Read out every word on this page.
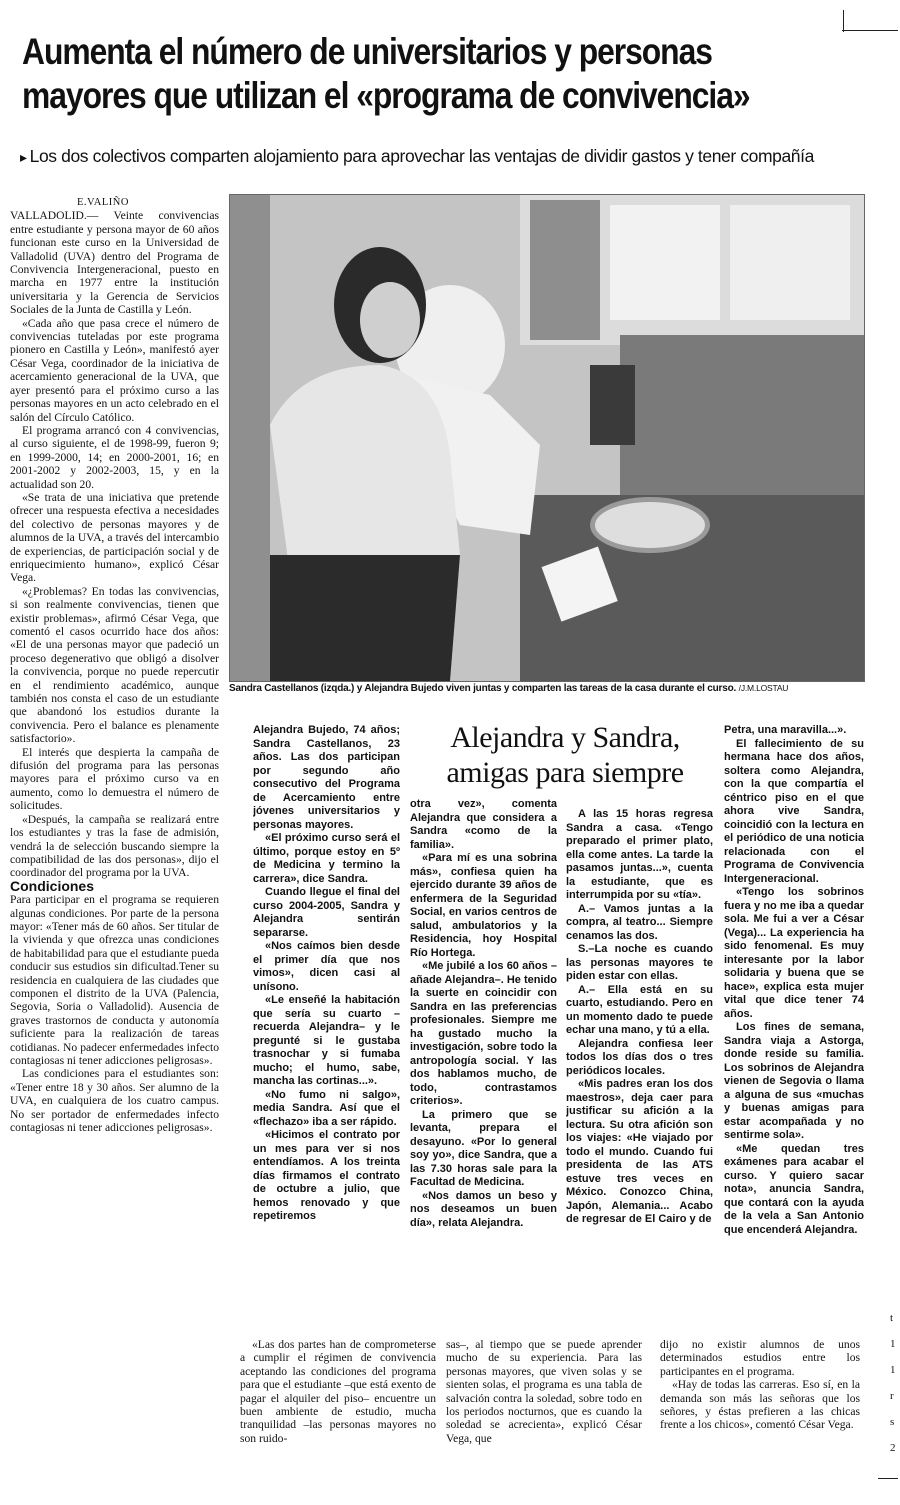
Aumenta el número de universitarios y personas
mayores que utilizan el «programa de convivencia»

▸ Los dos colectivos comparten alojamiento para aprovechar las ventajas de dividir gastos y tener compañía

E.VALIÑO

VALLADOLID.— Veinte convivencias entre estudiante y persona mayor de 60 años funcionan este curso en la Universidad de Valladolid (UVA) dentro del Programa de Convivencia Intergeneracional, puesto en marcha en 1977 entre la institución universitaria y la Gerencia de Servicios Sociales de la Junta de Castilla y León.

«Cada año que pasa crece el número de convivencias tuteladas por este programa pionero en Castilla y León», manifestó ayer César Vega, coordinador de la iniciativa de acercamiento generacional de la UVA, que ayer presentó para el próximo curso a las personas mayores en un acto celebrado en el salón del Círculo Católico.

El programa arrancó con 4 convivencias, al curso siguiente, el de 1998-99, fueron 9; en 1999-2000, 14; en 2000-2001, 16; en 2001-2002 y 2002-2003, 15, y en la actualidad son 20.

«Se trata de una iniciativa que pretende ofrecer una respuesta efectiva a necesidades del colectivo de personas mayores y de alumnos de la UVA, a través del intercambio de experiencias, de participación social y de enriquecimiento humano», explicó César Vega.

«¿Problemas? En todas las convivencias, si son realmente convivencias, tienen que existir problemas», afirmó César Vega, que comentó el casos ocurrido hace dos años: «El de una personas mayor que padeció un proceso degenerativo que obligó a disolver la convivencia, porque no puede repercutir en el rendimiento académico, aunque también nos consta el caso de un estudiante que abandonó los estudios durante la convivencia. Pero el balance es plenamente satisfactorio».

El interés que despierta la campaña de difusión del programa para las personas mayores para el próximo curso va en aumento, como lo demuestra el número de solicitudes.

«Después, la campaña se realizará entre los estudiantes y tras la fase de admisión, vendrá la de selección buscando siempre la compatibilidad de las dos personas», dijo el coordinador del programa por la UVA.

Condiciones

Para participar en el programa se requieren algunas condiciones. Por parte de la persona mayor: «Tener más de 60 años. Ser titular de la vivienda y que ofrezca unas condiciones de habitabilidad para que el estudiante pueda conducir sus estudios sin dificultad.Tener su residencia en cualquiera de las ciudades que componen el distrito de la UVA (Palencia, Segovia, Soria o Valladolid). Ausencia de graves trastornos de conducta y autonomía suficiente para la realización de tareas cotidianas. No padecer enfermedades infecto contagiosas ni tener adicciones peligrosas».

Las condiciones para el estudiantes son: «Tener entre 18 y 30 años. Ser alumno de la UVA, en cualquiera de los cuatro campus. No ser portador de enfermedades infecto contagiosas ni tener adicciones peligrosas».

Sandra Castellanos (izqda.) y Alejandra Bujedo viven juntas y comparten las tareas de la casa durante el curso. /J.M.LOSTAU
Alejandra y Sandra,
amigas para siempre

Alejandra Bujedo, 74 años; Sandra Castellanos, 23 años. Las dos participan por segundo año consecutivo del Programa de Acercamiento entre jóvenes universitarios y personas mayores.

«El próximo curso será el último, porque estoy en 5º de Medicina y termino la carrera», dice Sandra.

Cuando llegue el final del curso 2004-2005, Sandra y Alejandra sentirán separarse.

«Nos caímos bien desde el primer día que nos vimos», dicen casi al unísono.

«Le enseñé la habitación que sería su cuarto –recuerda Alejandra– y le pregunté si le gustaba trasnochar y si fumaba mucho; el humo, sabe, mancha las cortinas...».

«No fumo ni salgo», media Sandra. Así que el «flechazo» iba a ser rápido.

«Hicimos el contrato por un mes para ver si nos entendíamos. A los treinta días firmamos el contrato de octubre a julio, que hemos renovado y que repetiremos

otra vez», comenta Alejandra que considera a Sandra «como de la familia».

«Para mí es una sobrina más», confiesa quien ha ejercido durante 39 años de enfermera de la Seguridad Social, en varios centros de salud, ambulatorios y la Residencia, hoy Hospital Río Hortega.

«Me jubilé a los 60 años –añade Alejandra–. He tenido la suerte en coincidir con Sandra en las preferencias profesionales. Siempre me ha gustado mucho la investigación, sobre todo la antropología social. Y las dos hablamos mucho, de todo, contrastamos criterios».

La primero que se levanta, prepara el desayuno. «Por lo general soy yo», dice Sandra, que a las 7.30 horas sale para la Facultad de Medicina.

«Nos damos un beso y nos deseamos un buen día», relata Alejandra.

A las 15 horas regresa Sandra a casa. «Tengo preparado el primer plato, ella come antes. La tarde la pasamos juntas...», cuenta la estudiante, que es interrumpida por su «tía».

A.– Vamos juntas a la compra, al teatro... Siempre cenamos las dos.

S.–La noche es cuando las personas mayores te piden estar con ellas.

A.– Ella está en su cuarto, estudiando. Pero en un momento dado te puede echar una mano, y tú a ella.

Alejandra confiesa leer todos los días dos o tres periódicos locales.

«Mis padres eran los dos maestros», deja caer para justificar su afición a la lectura. Su otra afición son los viajes: «He viajado por todo el mundo. Cuando fui presidenta de las ATS estuve tres veces en México. Conozco China, Japón, Alemania... Acabo de regresar de El Cairo y de

Petra, una maravilla...».

El fallecimiento de su hermana hace dos años, soltera como Alejandra, con la que compartía el céntrico piso en el que ahora vive Sandra, coincidió con la lectura en el periódico de una noticia relacionada con el Programa de Convivencia Intergeneracional.

«Tengo los sobrinos fuera y no me iba a quedar sola. Me fui a ver a César (Vega)... La experiencia ha sido fenomenal. Es muy interesante por la labor solidaria y buena que se hace», explica esta mujer vital que dice tener 74 años.

Los fines de semana, Sandra viaja a Astorga, donde reside su familia. Los sobrinos de Alejandra vienen de Segovia o llama a alguna de sus «muchas y buenas amigas para estar acompañada y no sentirme sola».

«Me quedan tres exámenes para acabar el curso. Y quiero sacar nota», anuncia Sandra, que contará con la ayuda de la vela a San Antonio que encenderá Alejandra.

«Las dos partes han de comprometerse a cumplir el régimen de convivencia aceptando las condiciones del programa para que el estudiante –que está exento de pagar el alquiler del piso– encuentre un buen ambiente de estudio, mucha tranquilidad –las personas mayores no son ruido-

sas–, al tiempo que se puede aprender mucho de su experiencia. Para las personas mayores, que viven solas y se sienten solas, el programa es una tabla de salvación contra la soledad, sobre todo en los periodos nocturnos, que es cuando la soledad se acrecienta», explicó César Vega, que

dijo no existir alumnos de unos determinados estudios entre los participantes en el programa.

«Hay de todas las carreras. Eso sí, en la demanda son más las señoras que los señores, y éstas prefieren a las chicas frente a los chicos», comentó César Vega.

t
1
1
r
s
2
